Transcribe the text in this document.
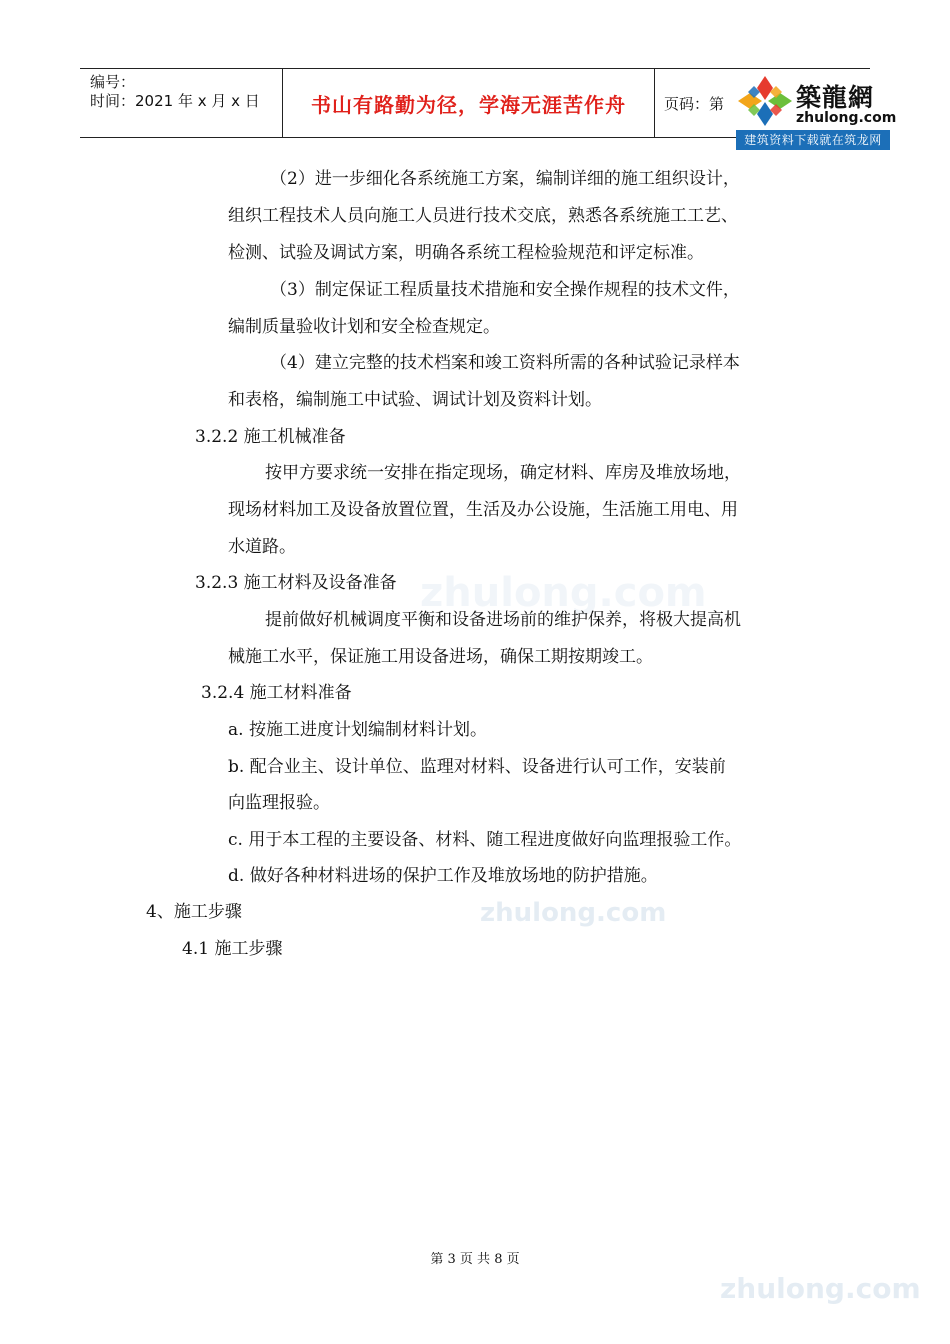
编号：
时间：2021 年 x 月 x 日	书山有路勤为径，学海无涯苦作舟	页码：第	築龍網
zhulong.com
建筑资料下载就在筑龙网
zhulong.com
zhulong.com
zhulong.com
（2）进一步细化各系统施工方案，编制详细的施工组织设计，
组织工程技术人员向施工人员进行技术交底，熟悉各系统施工工艺、
检测、试验及调试方案，明确各系统工程检验规范和评定标准。
（3）制定保证工程质量技术措施和安全操作规程的技术文件，
编制质量验收计划和安全检查规定。
（4）建立完整的技术档案和竣工资料所需的各种试验记录样本
和表格，编制施工中试验、调试计划及资料计划。
3.2.2 施工机械准备
按甲方要求统一安排在指定现场，确定材料、库房及堆放场地，
现场材料加工及设备放置位置，生活及办公设施，生活施工用电、用
水道路。
3.2.3 施工材料及设备准备
提前做好机械调度平衡和设备进场前的维护保养，将极大提高机
械施工水平，保证施工用设备进场，确保工期按期竣工。
3.2.4 施工材料准备
a. 按施工进度计划编制材料计划。
b. 配合业主、设计单位、监理对材料、设备进行认可工作，安装前
向监理报验。
c. 用于本工程的主要设备、材料、随工程进度做好向监理报验工作。
d. 做好各种材料进场的保护工作及堆放场地的防护措施。
4、施工步骤
4.1 施工步骤
第 3 页 共 8 页
